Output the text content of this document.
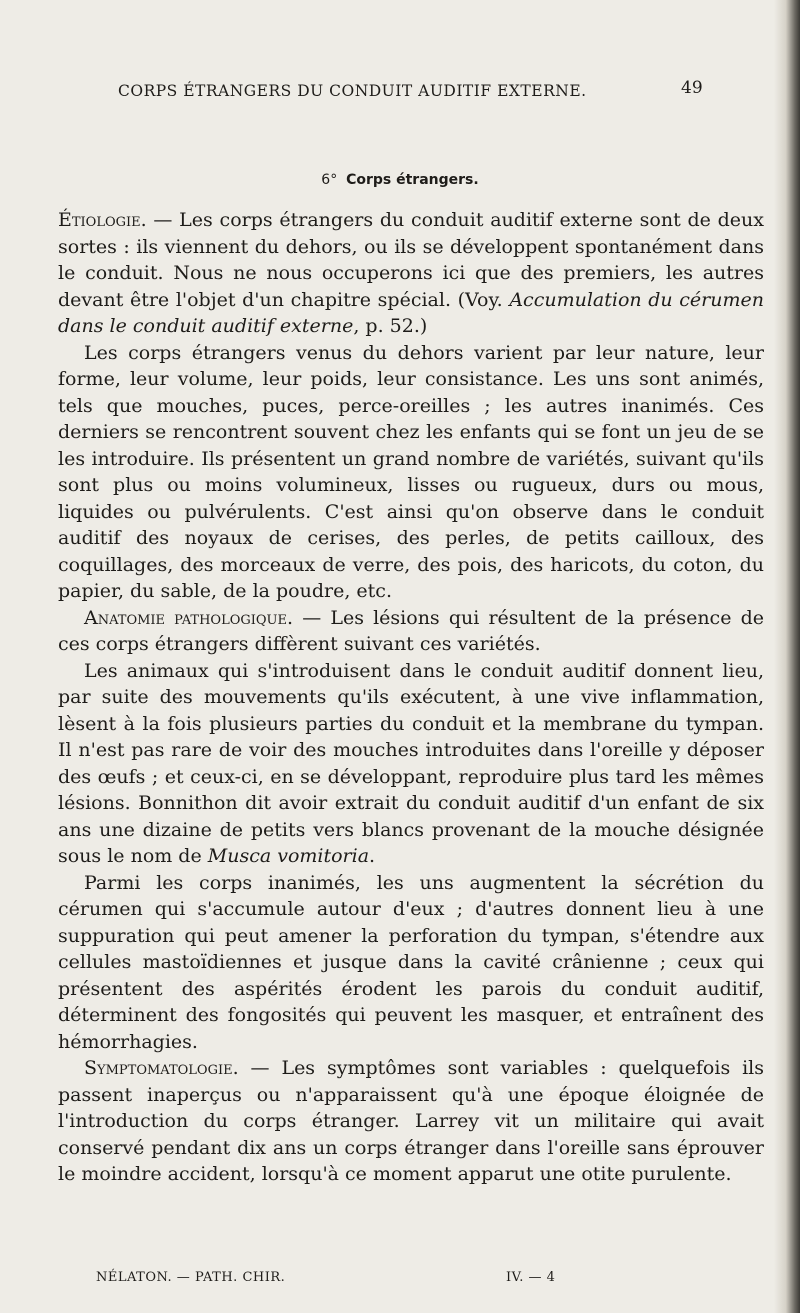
CORPS ÉTRANGERS DU CONDUIT AUDITIF EXTERNE.	49
6° Corps étrangers.

Étiologie. — Les corps étrangers du conduit auditif externe sont de deux sortes : ils viennent du dehors, ou ils se développent spontanément dans le conduit. Nous ne nous occuperons ici que des premiers, les autres devant être l'objet d'un chapitre spécial. (Voy. Accumulation du cérumen dans le conduit auditif externe, p. 52.)

Les corps étrangers venus du dehors varient par leur nature, leur forme, leur volume, leur poids, leur consistance. Les uns sont animés, tels que mouches, puces, perce-oreilles ; les autres inanimés. Ces derniers se rencontrent souvent chez les enfants qui se font un jeu de se les introduire. Ils présentent un grand nombre de variétés, suivant qu'ils sont plus ou moins volumineux, lisses ou rugueux, durs ou mous, liquides ou pulvérulents. C'est ainsi qu'on observe dans le conduit auditif des noyaux de cerises, des perles, de petits cailloux, des coquillages, des morceaux de verre, des pois, des haricots, du coton, du papier, du sable, de la poudre, etc.

Anatomie pathologique. — Les lésions qui résultent de la présence de ces corps étrangers diffèrent suivant ces variétés.

Les animaux qui s'introduisent dans le conduit auditif donnent lieu, par suite des mouvements qu'ils exécutent, à une vive inflammation, lèsent à la fois plusieurs parties du conduit et la membrane du tympan. Il n'est pas rare de voir des mouches introduites dans l'oreille y déposer des œufs ; et ceux-ci, en se développant, reproduire plus tard les mêmes lésions. Bonnithon dit avoir extrait du conduit auditif d'un enfant de six ans une dizaine de petits vers blancs provenant de la mouche désignée sous le nom de Musca vomitoria.

Parmi les corps inanimés, les uns augmentent la sécrétion du cérumen qui s'accumule autour d'eux ; d'autres donnent lieu à une suppuration qui peut amener la perforation du tympan, s'étendre aux cellules mastoïdiennes et jusque dans la cavité crânienne ; ceux qui présentent des aspérités érodent les parois du conduit auditif, déterminent des fongosités qui peuvent les masquer, et entraînent des hémorrhagies.

Symptomatologie. — Les symptômes sont variables : quelquefois ils passent inaperçus ou n'apparaissent qu'à une époque éloignée de l'introduction du corps étranger. Larrey vit un militaire qui avait conservé pendant dix ans un corps étranger dans l'oreille sans éprouver le moindre accident, lorsqu'à ce moment apparut une otite purulente.

NÉLATON. — PATH. CHIR.	IV. — 4
